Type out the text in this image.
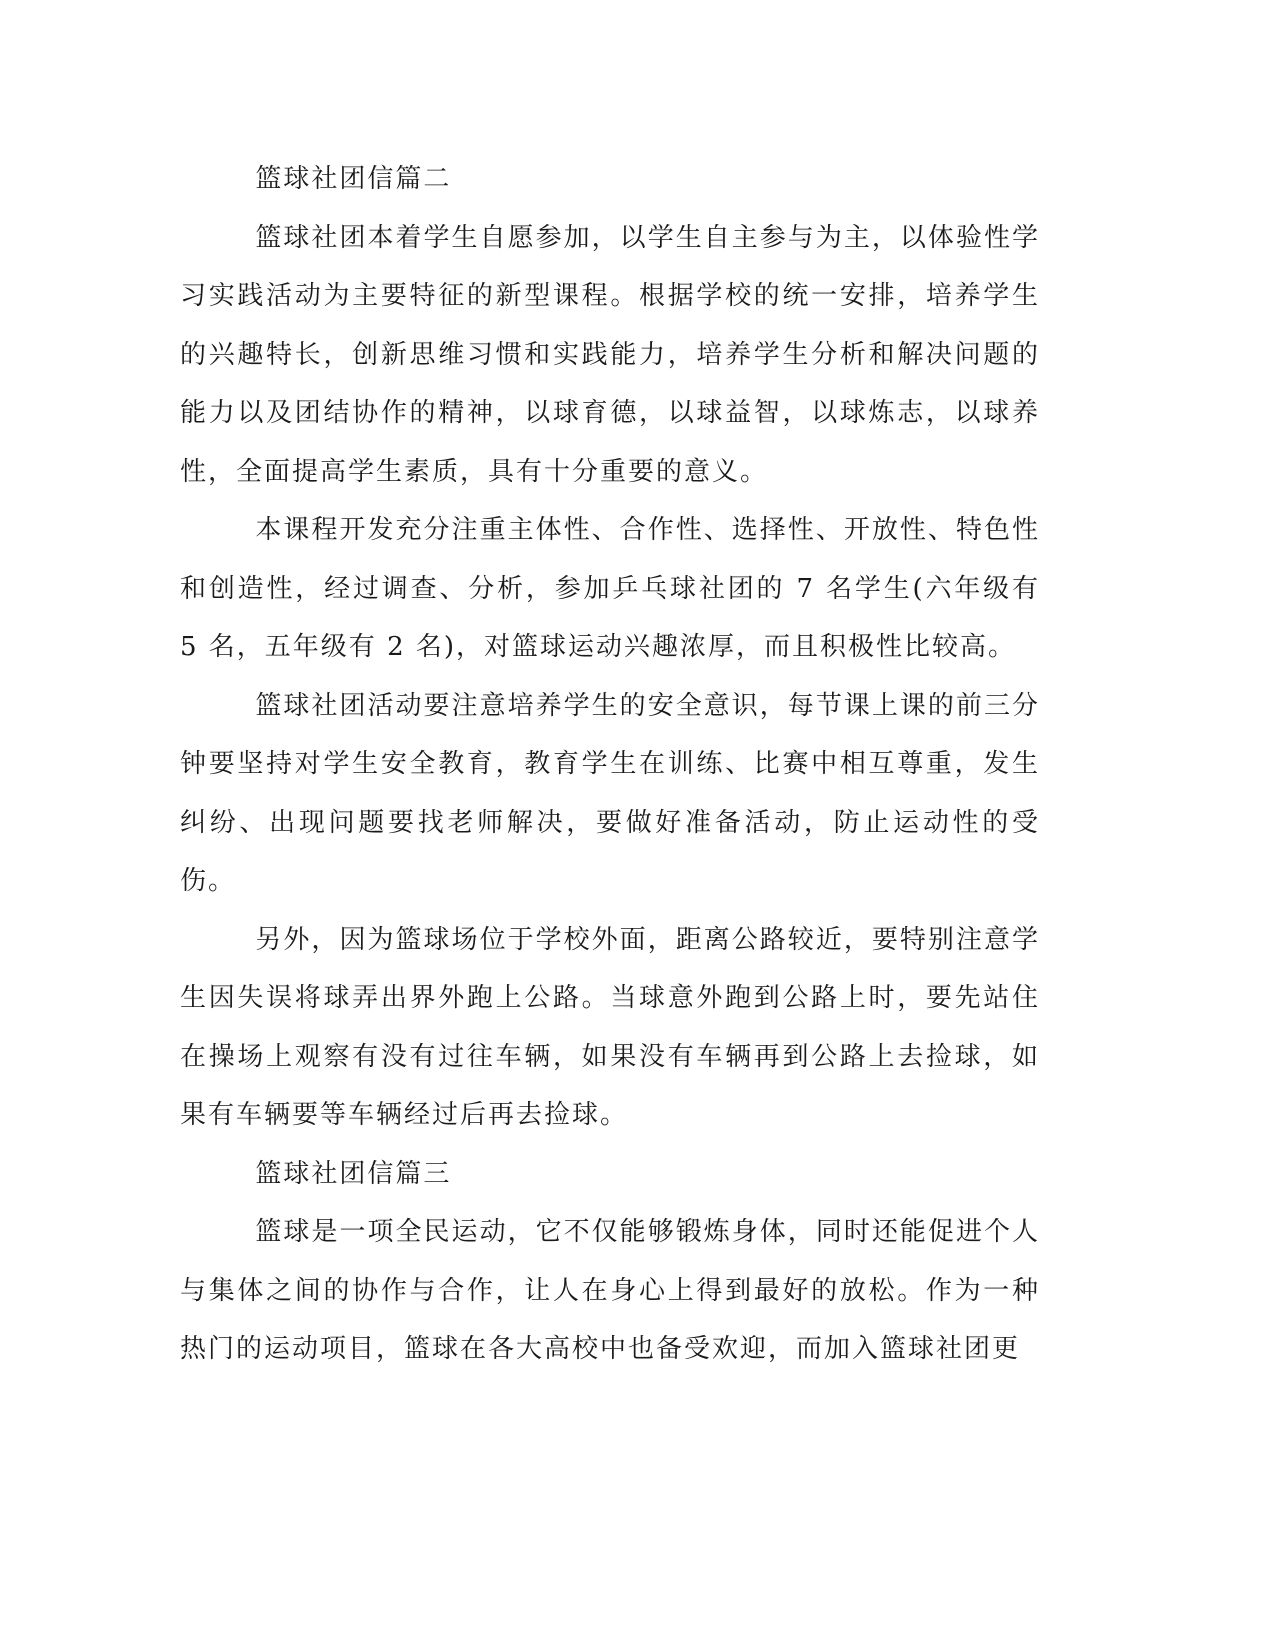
篮球社团信篇二

篮球社团本着学生自愿参加，以学生自主参与为主，以体验性学习实践活动为主要特征的新型课程。根据学校的统一安排，培养学生的兴趣特长，创新思维习惯和实践能力，培养学生分析和解决问题的能力以及团结协作的精神，以球育德，以球益智，以球炼志，以球养性，全面提高学生素质，具有十分重要的意义。

本课程开发充分注重主体性、合作性、选择性、开放性、特色性和创造性，经过调查、分析，参加乒乓球社团的 7 名学生(六年级有 5 名，五年级有 2 名)，对篮球运动兴趣浓厚，而且积极性比较高。

篮球社团活动要注意培养学生的安全意识，每节课上课的前三分钟要坚持对学生安全教育，教育学生在训练、比赛中相互尊重，发生纠纷、出现问题要找老师解决，要做好准备活动，防止运动性的受伤。

另外，因为篮球场位于学校外面，距离公路较近，要特别注意学生因失误将球弄出界外跑上公路。当球意外跑到公路上时，要先站住在操场上观察有没有过往车辆，如果没有车辆再到公路上去捡球，如果有车辆要等车辆经过后再去捡球。

篮球社团信篇三

篮球是一项全民运动，它不仅能够锻炼身体，同时还能促进个人与集体之间的协作与合作，让人在身心上得到最好的放松。作为一种热门的运动项目，篮球在各大高校中也备受欢迎，而加入篮球社团更
